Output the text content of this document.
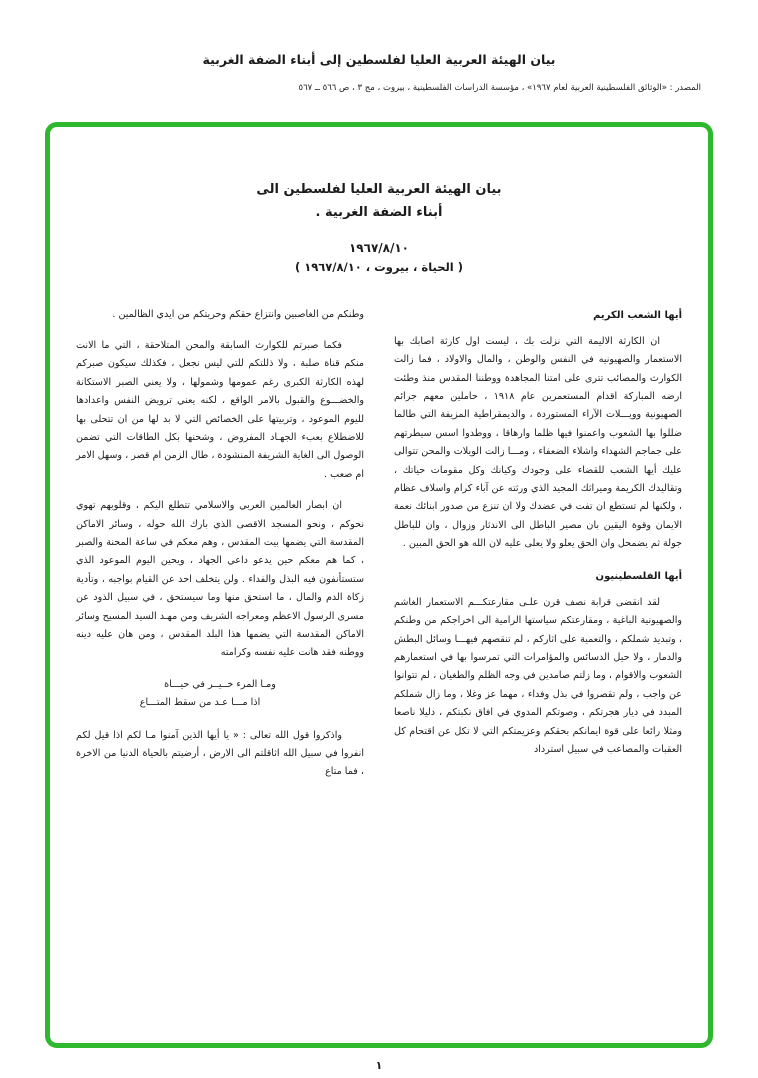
بيان الهيئة العربية العليا لفلسطين إلى أبناء الضفة الغربية
المصدر : «الوثائق الفلسطينية العربية لعام ١٩٦٧» ، مؤسسة الدراسات الفلسطينية ، بيروت ، مج ٣ ، ص ٥٦٦ ــ ٥٦٧
بيان الهيئة العربية العليا لفلسطين الى
أبناء الضفة الغربية .
١٩٦٧/٨/١٠
( الحياة ، بيروت ، ١٩٦٧/٨/١٠ )
أيها الشعب الكريم

ان الكارثة الاليمة التي نزلت بك ، ليست اول كارثة اصابك بها الاستعمار والصهيونيه في النفس والوطن ، والمال والاولاد ، فما زالت الكوارث والمصائب تترى على امتنا المجاهدة ووطننا المقدس منذ وطئت ارضه المباركة اقدام المستعمرين عام ١٩١٨ ، حاملين معهم جرائم الصهيونية وويـــلات الآراء المستوردة ، والديمقراطية المزيفة التي طالما ضللوا بها الشعوب واعمنوا فيها ظلما وارهاقا ، ووطدوا اسس سيطرتهم على جماجم الشهداء واشلاء الضعفاء ، ومـــا زالت الويلات والمحن تتوالى عليك أيها الشعب للقضاء على وجودك وكيانك وكل مقومات حياتك ، وتقاليدك الكريمة وميراثك المجيد الذي ورثته عن آباء كرام واسلاف عظام ، ولكنها لم تستطع ان تفت في عضدك ولا ان تنزع من صدور ابنائك نعمة الايمان وقوة اليقين بان مصير الباطل الى الاندثار وزوال ، وان للباطل جولة ثم يضمحل وان الحق يعلو ولا يعلى عليه لان الله هو الحق المبين .

أيها الفلسطينيون

لقد انقضى قرابة نصف قرن علـى مقارعتكـــم الاستعمار الغاشم والصهيونية الباغية ، ومقارعتكم سياستها الرامية الى اخراجكم من وطنكم ، وتبديد شملكم ، والتعمية على اثاركم ، لم تنقصهم فيهـــا وسائل البطش والدمار ، ولا حيل الدسائس والمؤامرات التي تمرسوا بها في استعمارهم الشعوب والاقوام ، وما زلتم صامدين في وجه الظلم والطغيان ، لم تتوانوا عن واجب ، ولم تقصروا في بذل وفداء ، مهما عز وغلا ، وما زال شملكم المبدد في ديار هجرتكم ، وصوتكم المدوي في افاق نكبتكم ، دليلا ناصعا ومثلا رائعا على قوة ايمانكم بحقكم وعزيمتكم التي لا تكل عن اقتحام كل العقبات والمصاعب في سبيل استرداد

وطنكم من الغاصبين وانتزاع حقكم وحريتكم من ايدي الظالمين .

فكما صبرتم للكوارث السابقة والمحن المتلاحقة ، التي ما الانت منكم قناة صلبة ، ولا ذللتكم للتي ليس نجعل ، فكذلك سيكون صبركم لهذه الكارثة الكبرى رغم عمومها وشمولها ، ولا يعني الصبر الاستكانة والخضـــوع والقبول بالامر الواقع ، لكنه يعني ترويض النفس واعدادها لليوم الموعود ، وتربيتها على الخصائص التي لا بد لها من ان تتحلى بها للاضطلاع بعبء الجهـاد المفروض ، وشحنها بكل الطاقات التي تضمن الوصول الى الغاية الشريفة المنشودة ، طال الزمن ام قصر ، وسهل الامر ام صعب .

ان ابصار العالمين العربي والاسلامي تتطلع اليكم ، وقلوبهم تهوي نحوكم ، ونحو المسجد الاقصى الذي بارك الله حوله ، وسائر الاماكن المقدسة التي يضمها بيت المقدس ، وهم معكم في ساعة المحنة والصبر ، كما هم معكم حين يدعو داعي الجهاد ، ويحين اليوم الموعود الذي ستستأنفون فيه البذل والفداء . ولن يتخلف احد عن القيام بواجبه ، وتأدية زكاة الدم والمال ، ما استحق منها وما سيستحق ، في سبيل الذود عن مسرى الرسول الاعظم ومعراجه الشريف ومن مهـد السيد المسيح وسائر الاماكن المقدسة التي يضمها هذا البلد المقدس ، ومن هان عليه دينه ووطنه فقد هانت عليه نفسه وكرامته

ومـا المرء خــيــر في حيـــاة
اذا مـــا عـد من سقط المتـــاع

واذكروا قول الله تعالى : « يا أيها الذين آمنوا مـا لكم اذا قيل لكم انفروا في سبيل الله اثاقلتم الى الارض ، أرضيتم بالحياة الدنيا من الاخرة ، فما متاع

١
